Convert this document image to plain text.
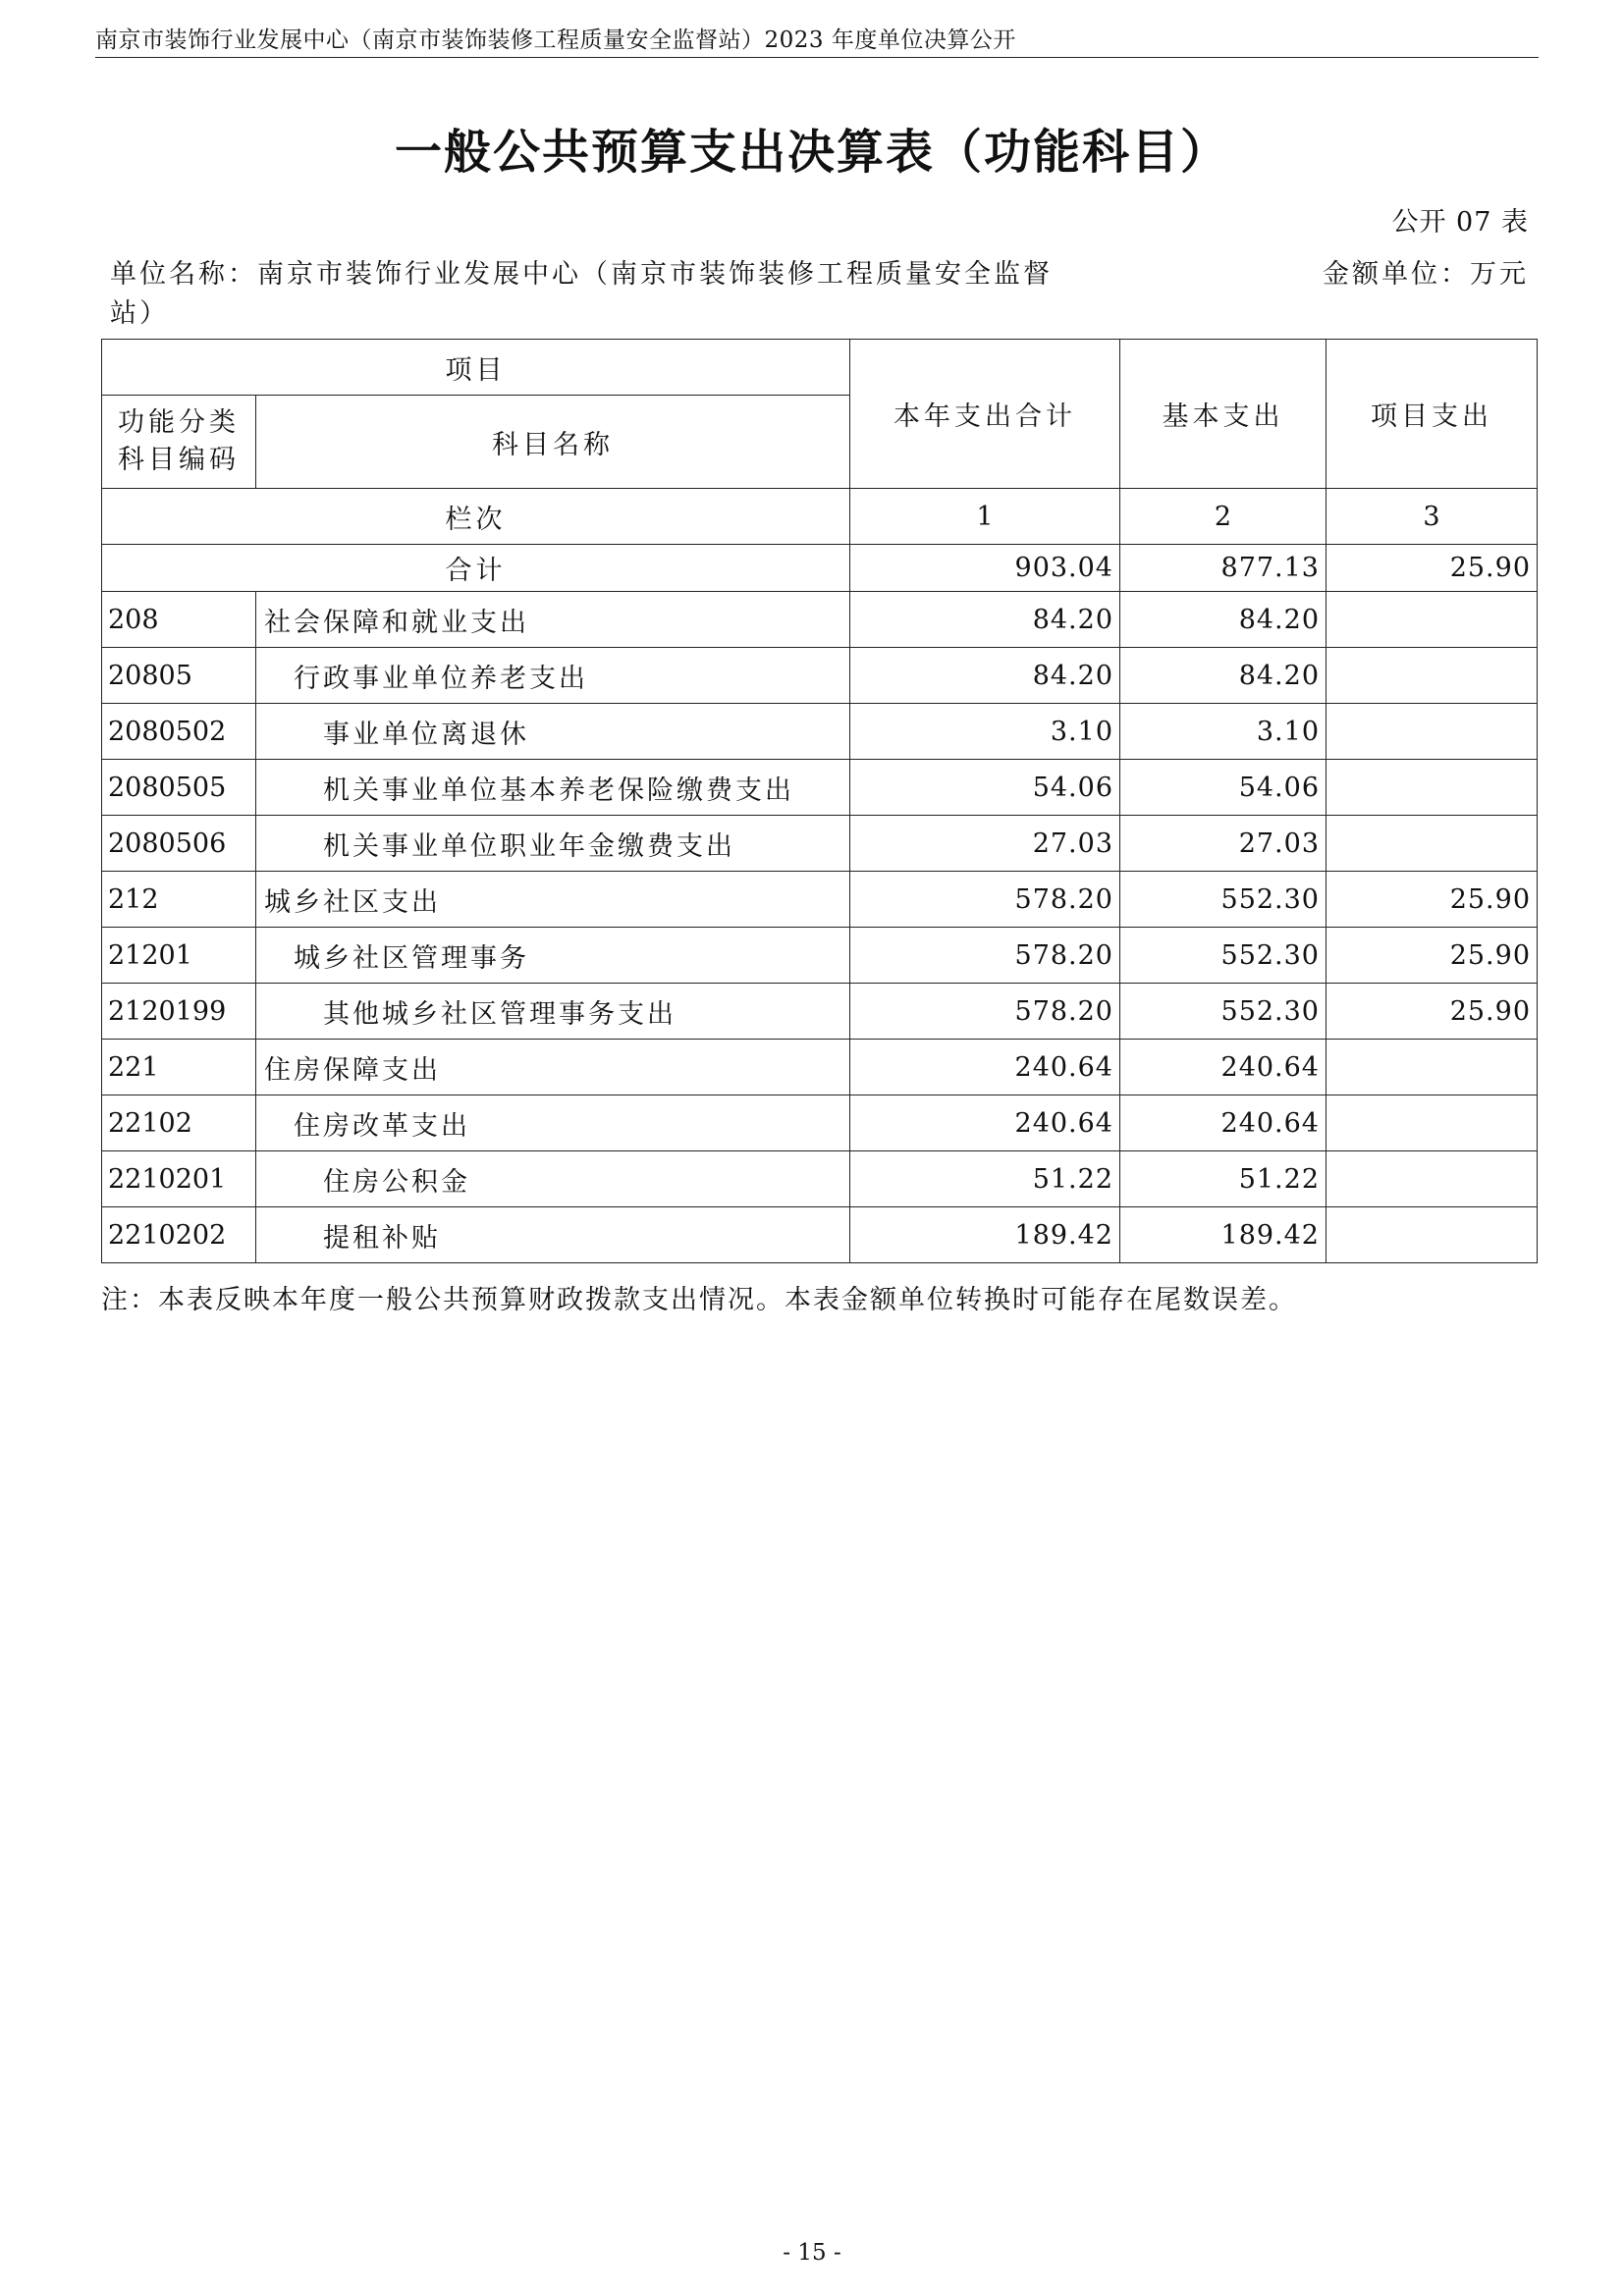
南京市装饰行业发展中心（南京市装饰装修工程质量安全监督站）2023 年度单位决算公开
一般公共预算支出决算表（功能科目）
公开 07 表
单位名称：南京市装饰行业发展中心（南京市装饰装修工程质量安全监督站）
金额单位：万元
项目		本年支出合计	基本支出	项目支出
功能分类科目编码	科目名称			
栏次		1	2	3
合计		903.04	877.13	25.90
208	社会保障和就业支出	84.20	84.20	
20805	行政事业单位养老支出	84.20	84.20	
2080502	事业单位离退休	3.10	3.10	
2080505	机关事业单位基本养老保险缴费支出	54.06	54.06	
2080506	机关事业单位职业年金缴费支出	27.03	27.03	
212	城乡社区支出	578.20	552.30	25.90
21201	城乡社区管理事务	578.20	552.30	25.90
2120199	其他城乡社区管理事务支出	578.20	552.30	25.90
221	住房保障支出	240.64	240.64	
22102	住房改革支出	240.64	240.64	
2210201	住房公积金	51.22	51.22	
2210202	提租补贴	189.42	189.42	
注：本表反映本年度一般公共预算财政拨款支出情况。本表金额单位转换时可能存在尾数误差。
- 15 -
